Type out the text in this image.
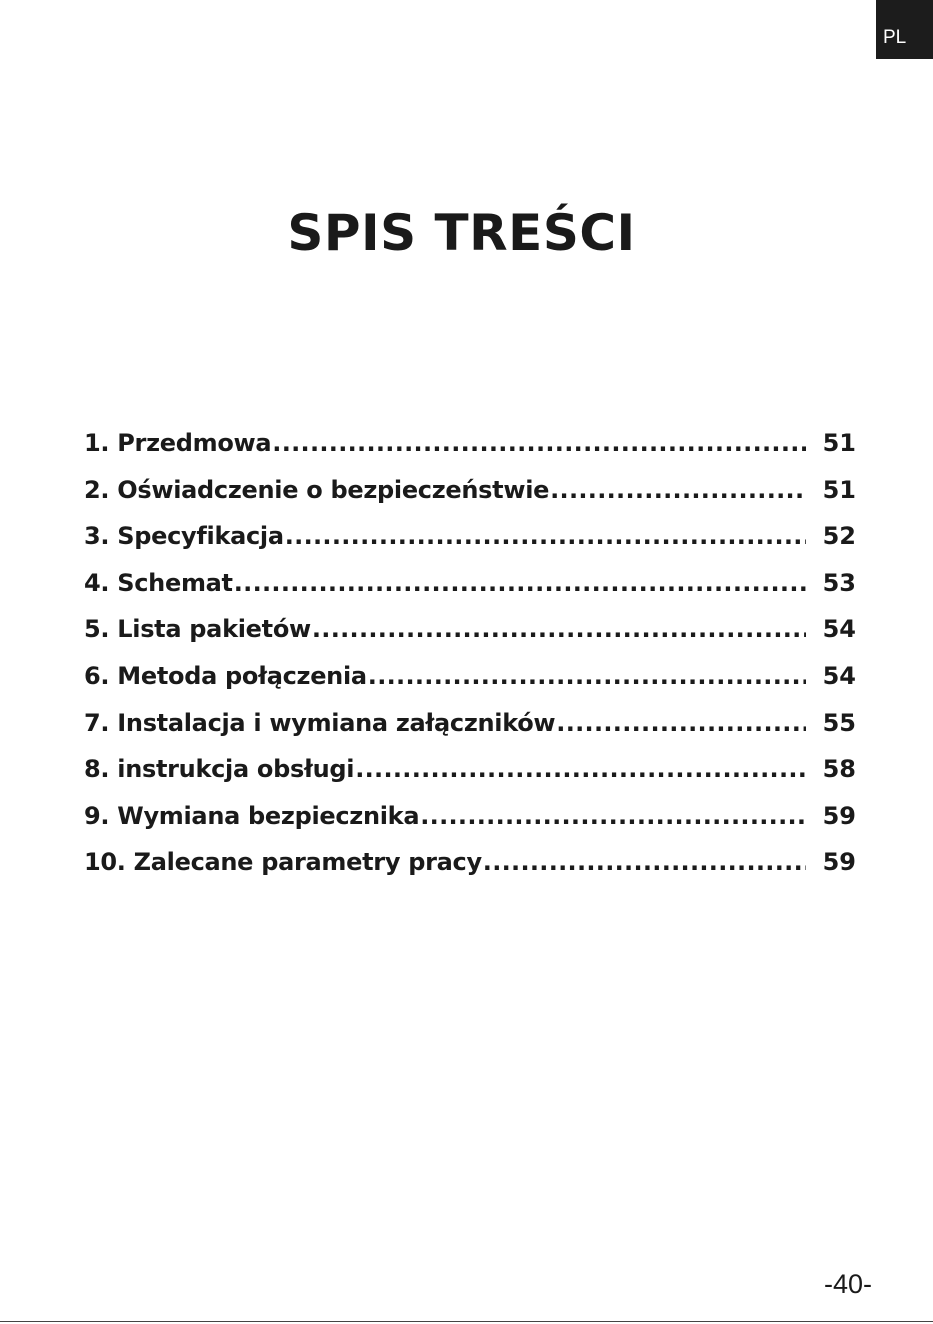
PL
SPIS TREŚCI
1. Przedmowa .....	51
2. Oświadczenie o bezpieczeństwie .....	51
3. Specyfikacja .....	52
4. Schemat .....	53
5. Lista pakietów .....	54
6. Metoda połączenia .....	54
7. Instalacja i wymiana załączników .....	55
8. instrukcja obsługi .....	58
9. Wymiana bezpiecznika .....	59
10. Zalecane parametry pracy .....	59
-40-
